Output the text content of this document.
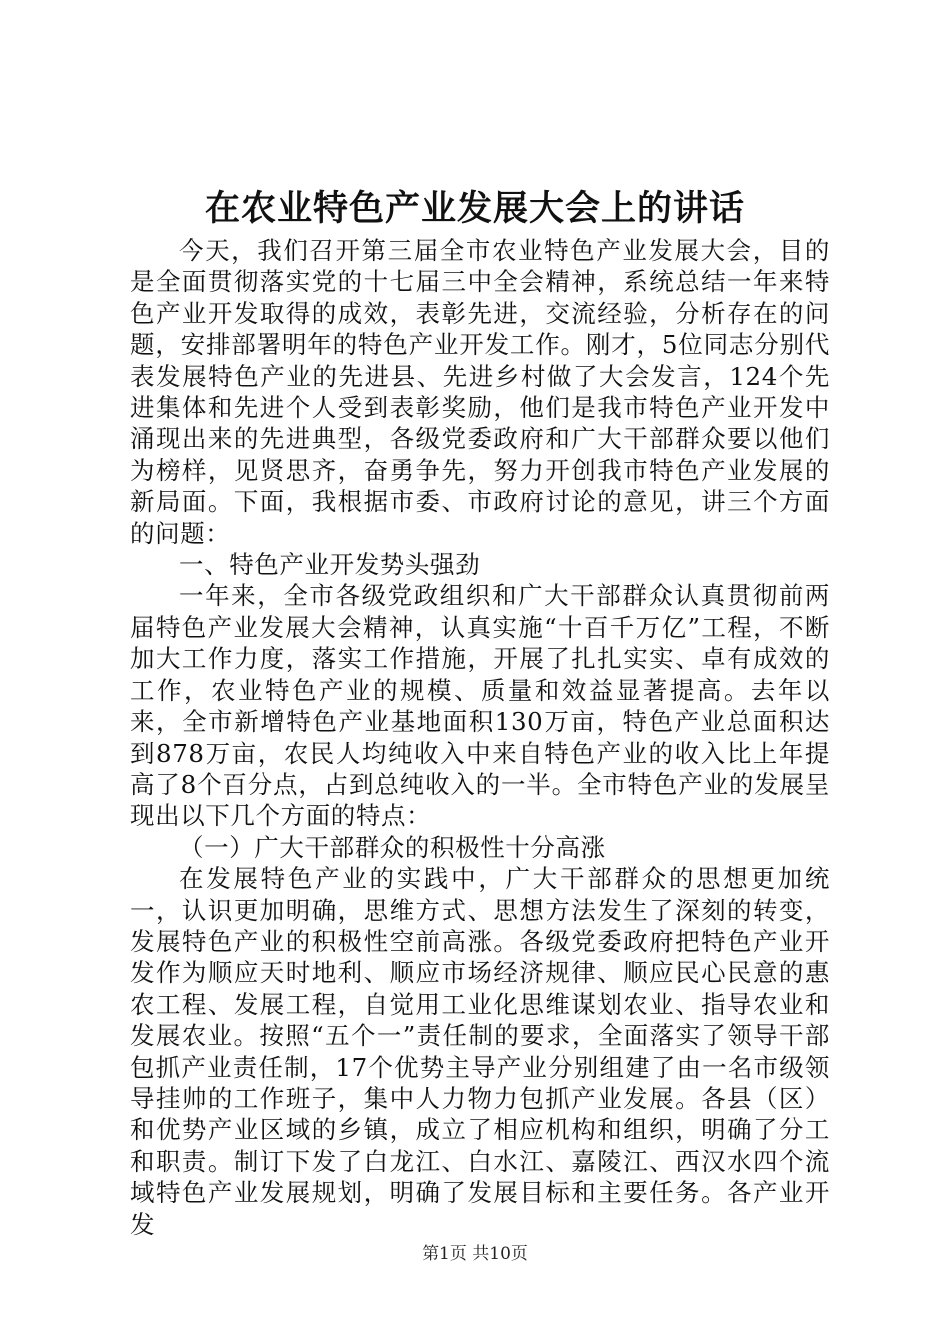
在农业特色产业发展大会上的讲话

今天，我们召开第三届全市农业特色产业发展大会，目的是全面贯彻落实党的十七届三中全会精神，系统总结一年来特色产业开发取得的成效，表彰先进，交流经验，分析存在的问题，安排部署明年的特色产业开发工作。刚才，5位同志分别代表发展特色产业的先进县、先进乡村做了大会发言，124个先进集体和先进个人受到表彰奖励，他们是我市特色产业开发中涌现出来的先进典型，各级党委政府和广大干部群众要以他们为榜样，见贤思齐，奋勇争先，努力开创我市特色产业发展的新局面。下面，我根据市委、市政府讨论的意见，讲三个方面的问题：

一、特色产业开发势头强劲

一年来，全市各级党政组织和广大干部群众认真贯彻前两届特色产业发展大会精神，认真实施“十百千万亿”工程，不断加大工作力度，落实工作措施，开展了扎扎实实、卓有成效的工作，农业特色产业的规模、质量和效益显著提高。去年以来，全市新增特色产业基地面积130万亩，特色产业总面积达到878万亩，农民人均纯收入中来自特色产业的收入比上年提高了8个百分点，占到总纯收入的一半。全市特色产业的发展呈现出以下几个方面的特点：

（一）广大干部群众的积极性十分高涨

在发展特色产业的实践中，广大干部群众的思想更加统一，认识更加明确，思维方式、思想方法发生了深刻的转变，发展特色产业的积极性空前高涨。各级党委政府把特色产业开发作为顺应天时地利、顺应市场经济规律、顺应民心民意的惠农工程、发展工程，自觉用工业化思维谋划农业、指导农业和发展农业。按照“五个一”责任制的要求，全面落实了领导干部包抓产业责任制，17个优势主导产业分别组建了由一名市级领导挂帅的工作班子，集中人力物力包抓产业发展。各县（区）和优势产业区域的乡镇，成立了相应机构和组织，明确了分工和职责。制订下发了白龙江、白水江、嘉陵江、西汉水四个流域特色产业发展规划，明确了发展目标和主要任务。各产业开发

第1页 共10页
